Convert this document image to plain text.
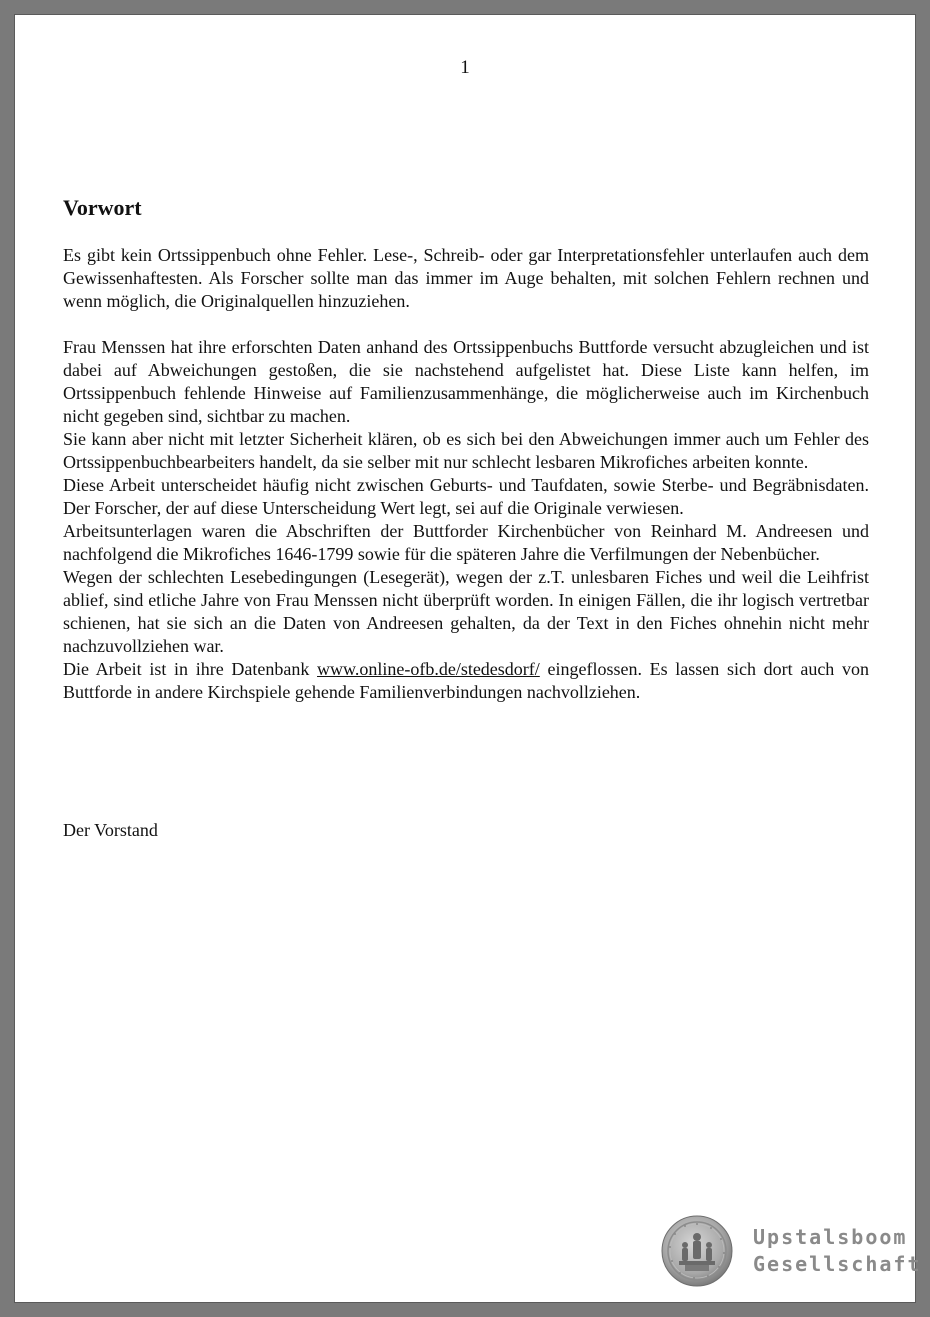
1
Vorwort

Es gibt kein Ortssippenbuch ohne Fehler. Lese-, Schreib- oder gar Interpretationsfehler unterlaufen auch dem Gewissenhaftesten. Als Forscher sollte man das immer im Auge behalten, mit solchen Fehlern rechnen und wenn möglich, die Originalquellen hinzuziehen.

Frau Menssen hat ihre erforschten Daten anhand des Ortssippenbuchs Buttforde versucht abzugleichen und ist dabei auf Abweichungen gestoßen, die sie nachstehend aufgelistet hat. Diese Liste kann helfen, im Ortssippenbuch fehlende Hinweise auf Familienzusammenhänge, die möglicherweise auch im Kirchenbuch nicht gegeben sind, sichtbar zu machen.

Sie kann aber nicht mit letzter Sicherheit klären, ob es sich bei den Abweichungen immer auch um Fehler des Ortssippenbuchbearbeiters handelt, da sie selber mit nur schlecht lesbaren Mikrofiches arbeiten konnte.

Diese Arbeit unterscheidet häufig nicht zwischen Geburts- und Taufdaten, sowie Sterbe- und Begräbnisdaten. Der Forscher, der auf diese Unterscheidung Wert legt, sei auf die Originale verwiesen.

Arbeitsunterlagen waren die Abschriften der Buttforder Kirchenbücher von Reinhard M. Andreesen und nachfolgend die Mikrofiches 1646-1799 sowie für die späteren Jahre die Verfilmungen der Nebenbücher.

Wegen der schlechten Lesebedingungen (Lesegerät), wegen der z.T. unlesbaren Fiches und weil die Leihfrist ablief, sind etliche Jahre von Frau Menssen nicht überprüft worden. In einigen Fällen, die ihr logisch vertretbar schienen, hat sie sich an die Daten von Andreesen gehalten, da der Text in den Fiches ohnehin nicht mehr nachzuvollziehen war.

Die Arbeit ist in ihre Datenbank www.online-ofb.de/stedesdorf/ eingeflossen. Es lassen sich dort auch von Buttforde in andere Kirchspiele gehende Familienverbindungen nachvollziehen.

Der Vorstand
Upstalsboom
Gesellschaft
